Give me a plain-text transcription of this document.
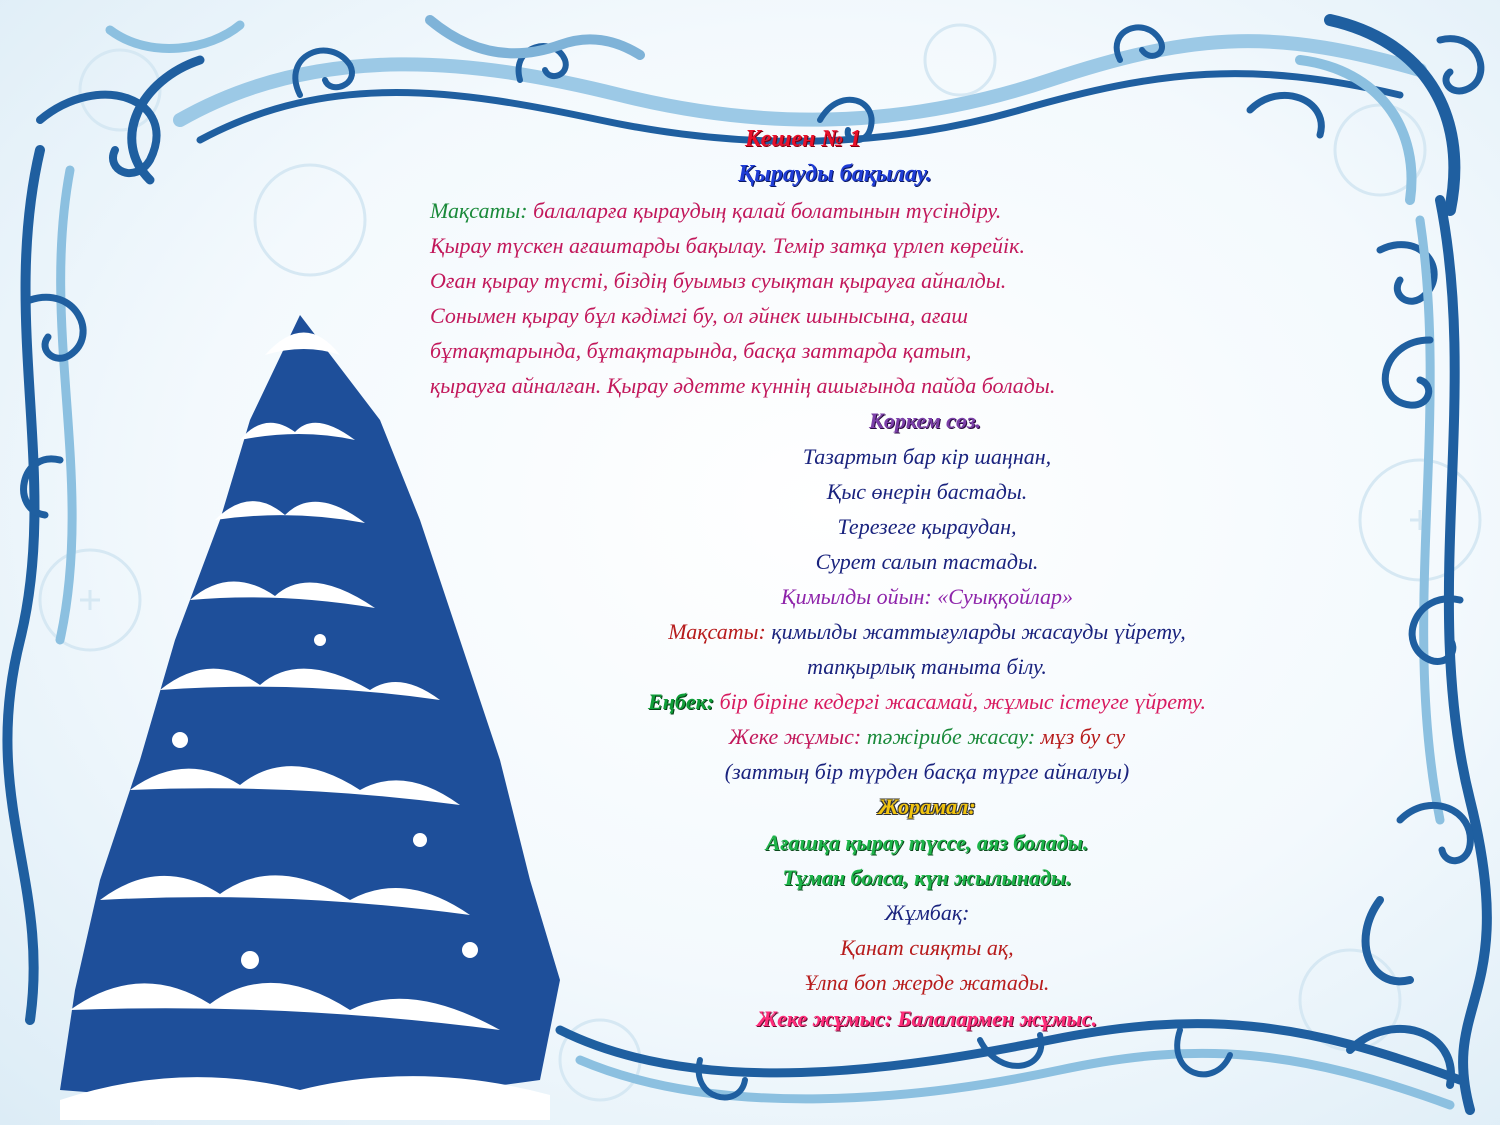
Кешен № 1
Қырауды бақылау.
Мақсаты: балаларға қыраудың қалай болатынын түсіндіру.
Қырау түскен ағаштарды бақылау. Темір затқа үрлеп көрейік.
Оған қырау түсті, біздің буымыз суықтан қырауға айналды.
Сонымен қырау бұл кәдімгі бу, ол әйнек шынысына, ағаш
бұтақтарында, бұтақтарында, басқа заттарда қатып,
қырауға айналған. Қырау әдетте күннің ашығында пайда болады.
Көркем сөз.
Тазартып бар кір шаңнан,
Қыс өнерін бастады.
Терезеге қыраудан,
Сурет салып тастады.
Қимылды ойын: «Суыққойлар»
Мақсаты: қимылды жаттығуларды жасауды үйрету,
тапқырлық таныта білу.
Еңбек: бір біріне кедергі жасамай, жұмыс істеуге үйрету.
Жеке жұмыс: тәжірибе жасау: мұз бу су
(заттың бір түрден басқа түрге айналуы)
Жорамал:
Ағашқа қырау түссе, аяз болады.
Тұман болса, күн жылынады.
Жұмбақ:
Қанат сияқты ақ,
Ұлпа боп жерде жатады.
Жеке жұмыс: Балалармен жұмыс.
